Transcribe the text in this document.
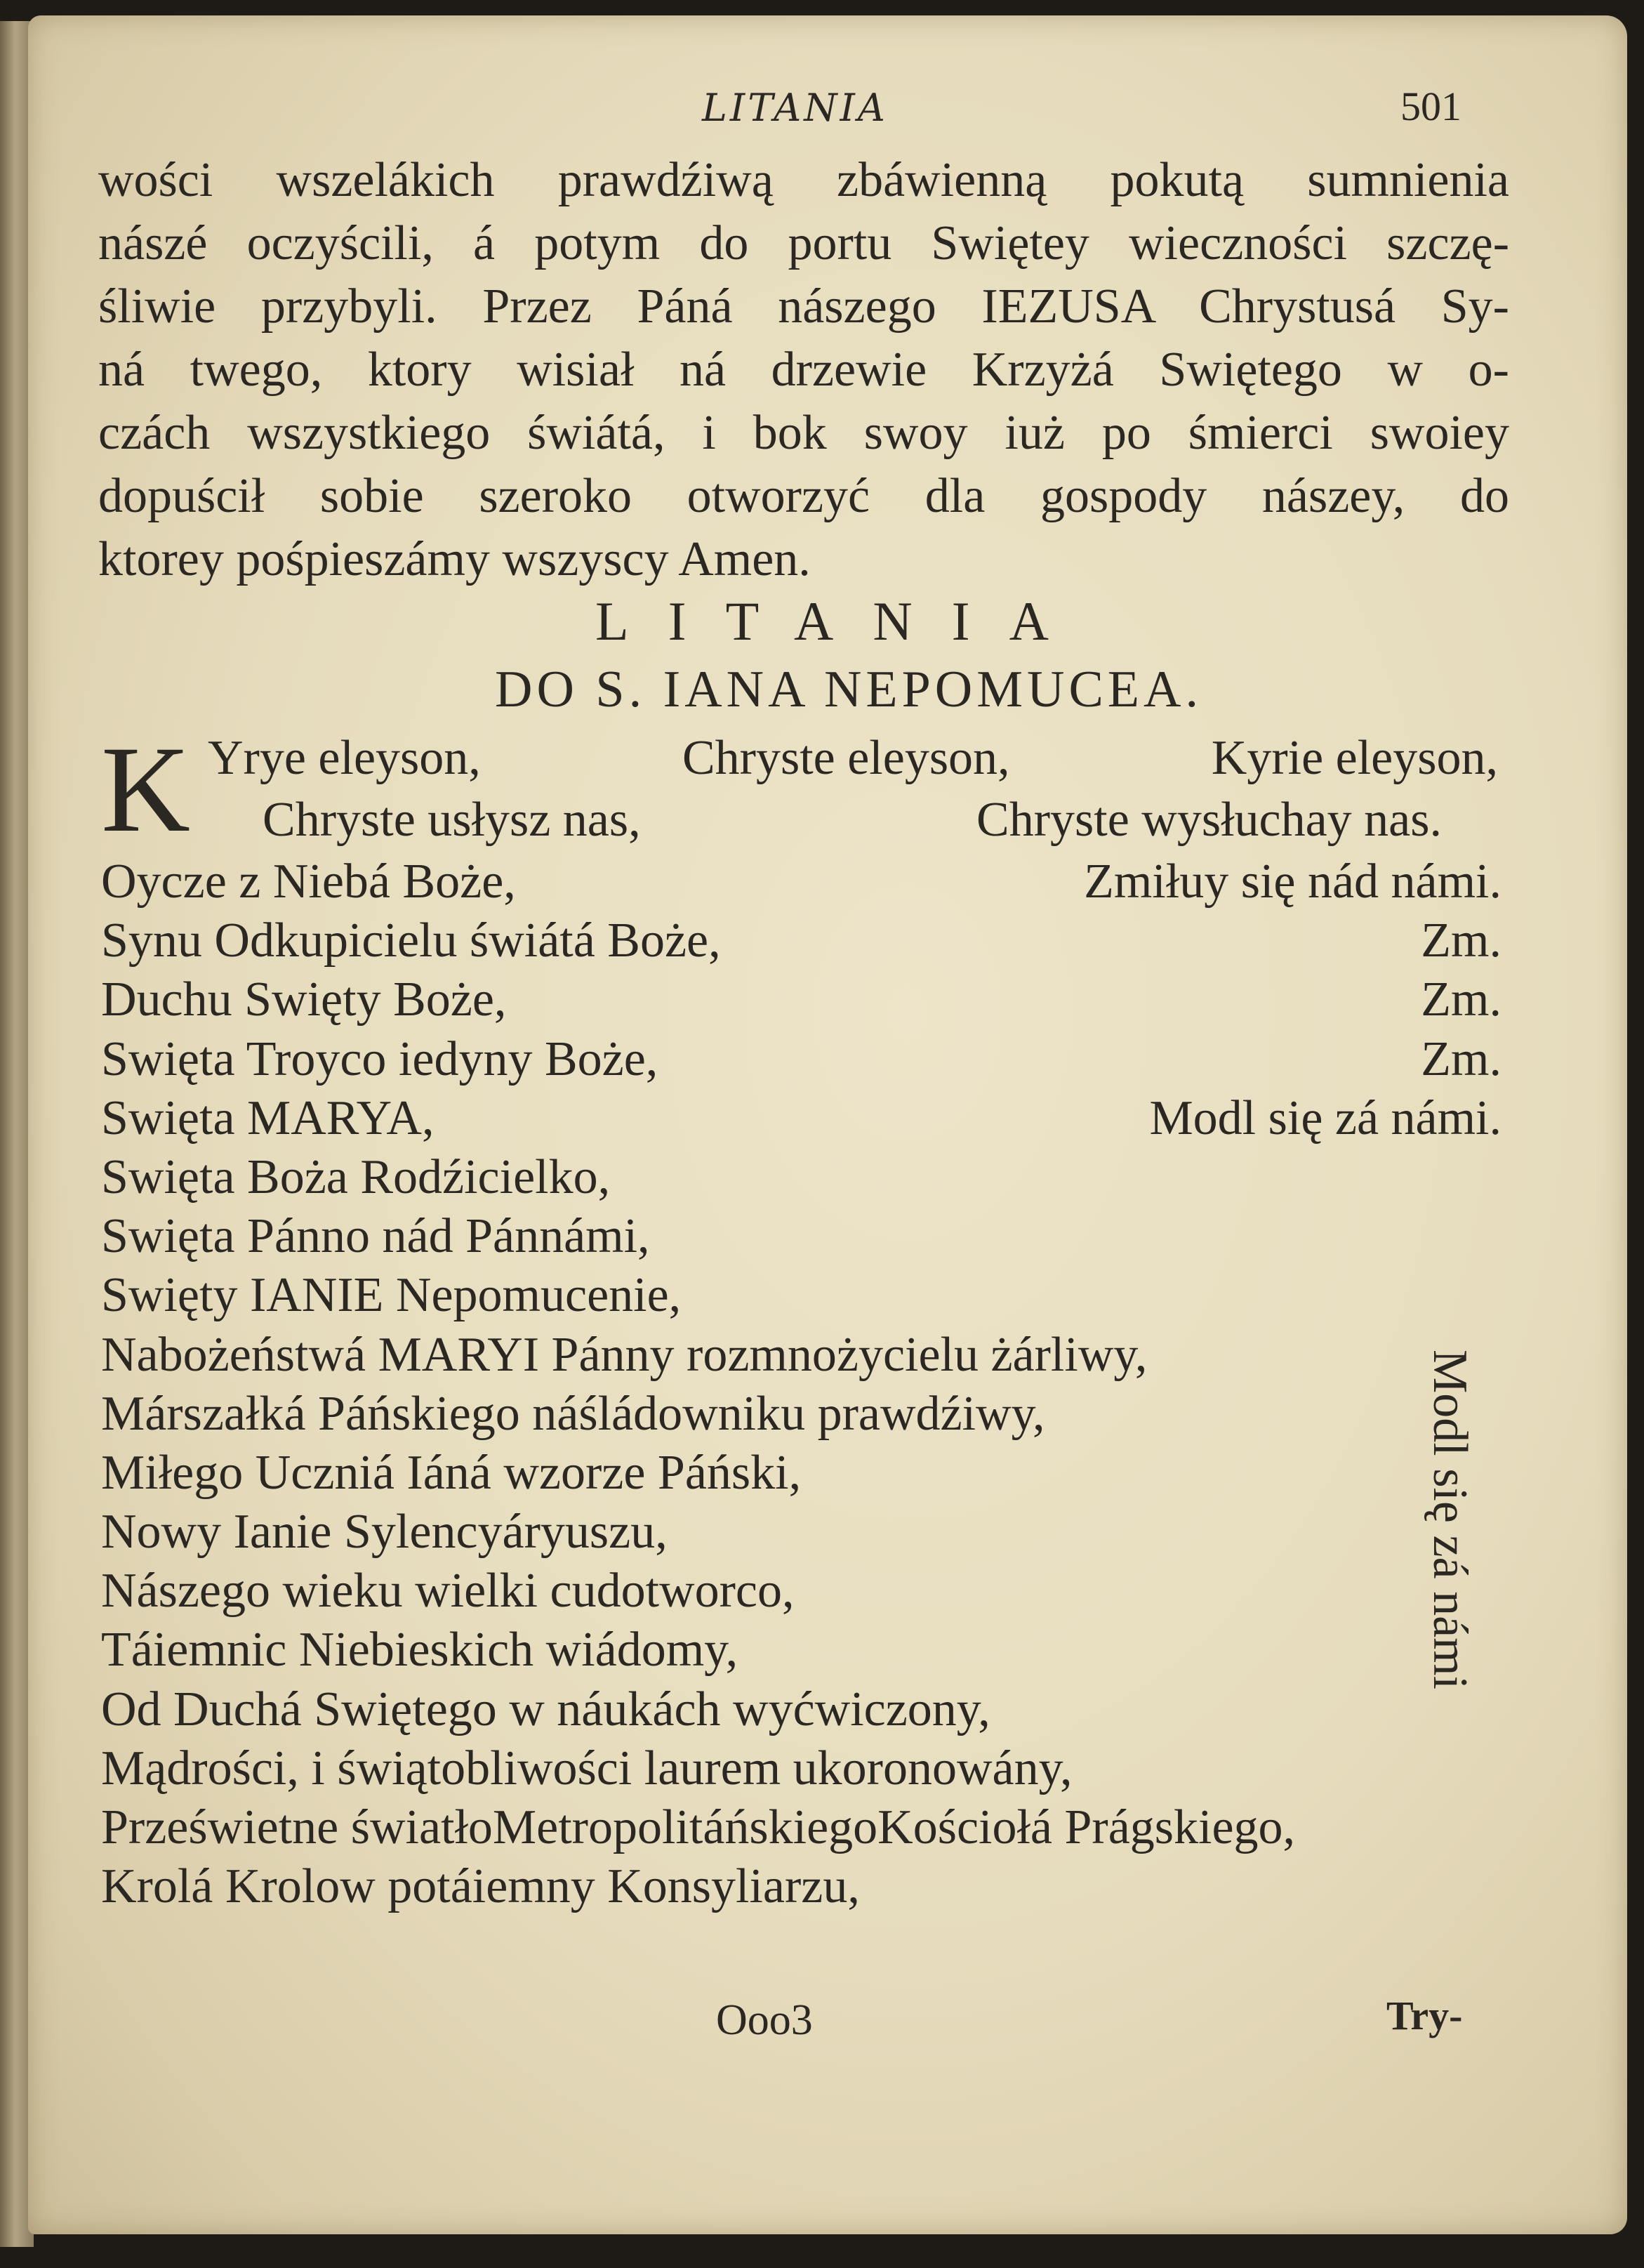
LITANIA	501
wości wszelákich prawdźiwą zbáwienną pokutą sumnienia
nászé oczyścili, á potym do portu Swiętey wieczności szczę-
śliwie przybyli. Przez Páná nászego IEZUSA Chrystusá Sy-
ná twego, ktory wisiał ná drzewie Krzyżá Swiętego w o-
czách wszystkiego świátá, i bok swoy iuż po śmierci swoiey
dopuścił sobie szeroko otworzyć dla gospody nászey, do
ktorey pośpieszámy wszyscy Amen.
LITANIA
DO S. IANA NEPOMUCEA.
K Yrye eleyson,	Chryste eleyson,	Kyrie eleyson,
Chryste usłysz nas,	Chryste wysłuchay nas.
Oycze z Niebá Boże,	Zmiłuy się nád námi.
Synu Odkupicielu świátá Boże,	Zm.
Duchu Swięty Boże,	Zm.
Swięta Troyco iedyny Boże,	Zm.
Swięta MARYA,	Modl się zá námi.
Swięta Boża Rodźicielko,
Swięta Pánno nád Pánnámi,
Swięty IANIE Nepomucenie,
Nabożeństwá MARYI Pánny rozmnożycielu żárliwy,
Márszałká Páńskiego náśládowniku prawdźiwy,
Miłego Uczniá Iáná wzorze Páński,
Nowy Ianie Sylencyáryuszu,
Nászego wieku wielki cudotworco,
Táiemnic Niebieskich wiádomy,
Od Duchá Swiętego w náukách wyćwiczony,
Mądrości, i świątobliwości laurem ukoronowány,
Prześwietne światłoMetropolitáńskiegoKościołá Prágskiego,
Krolá Krolow potáiemny Konsyliarzu,
Modl się zá námi
Ooo3	Try-
